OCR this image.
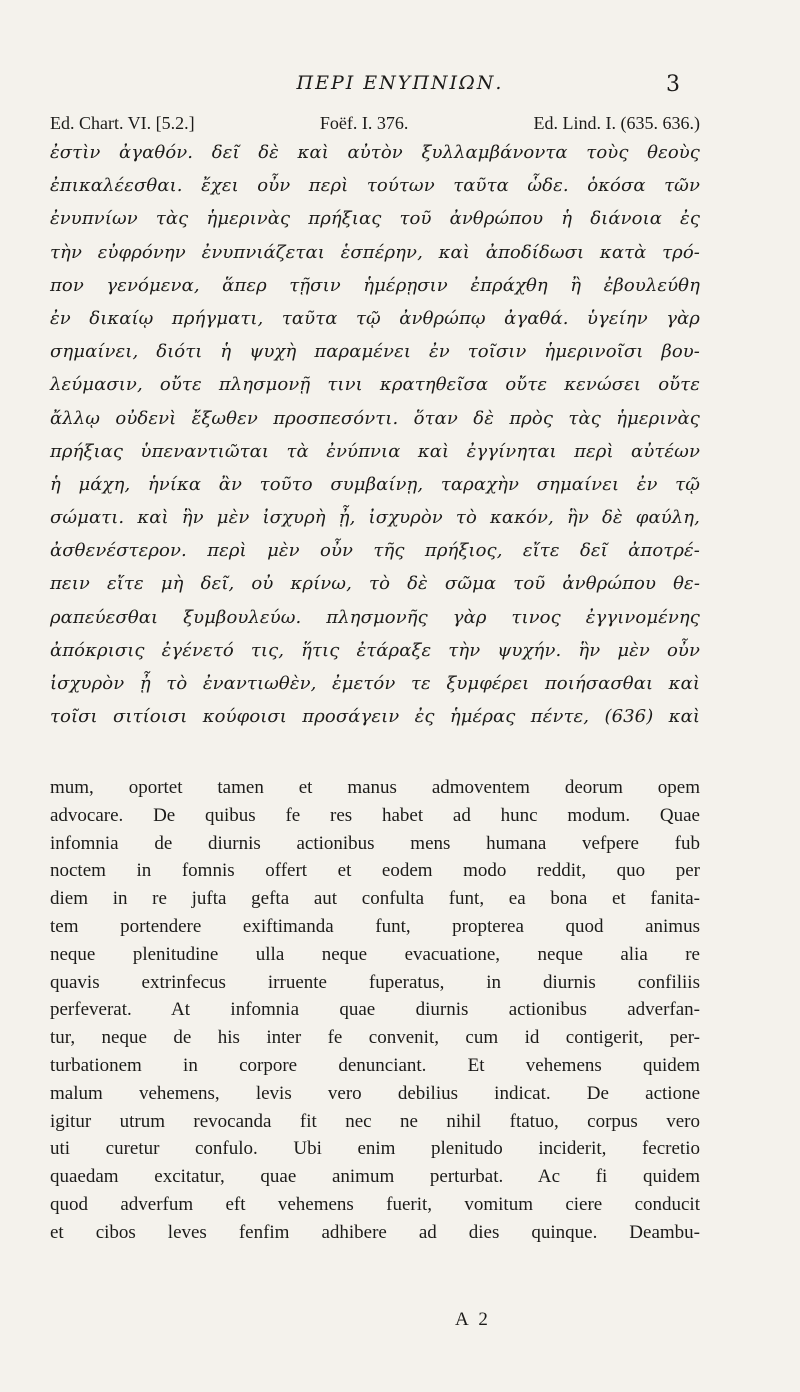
ΠΕΡΙ ΕΝΥΠΝΙΩΝ.	3
Ed. Chart. VI. [5.2.]	Foëf. I. 376.	Ed. Lind. I. (635. 636.)
ἐστὶν ἀγαθόν. δεῖ δὲ καὶ αὐτὸν ξυλλαμβάνοντα τοὺς θεοὺς
ἐπικαλέεσθαι. ἔχει οὖν περὶ τούτων ταῦτα ὧδε. ὁκόσα τῶν
ἐνυπνίων τὰς ἡμερινὰς πρήξιας τοῦ ἀνθρώπου ἡ διάνοια ἐς
τὴν εὐφρόνην ἐνυπνιάζεται ἑσπέρην, καὶ ἀποδίδωσι κατὰ τρό-
πον γενόμενα, ἅπερ τῇσιν ἡμέρῃσιν ἐπράχθη ἢ ἐβουλεύθη
ἐν δικαίῳ πρήγματι, ταῦτα τῷ ἀνθρώπῳ ἀγαθά. ὑγείην γὰρ
σημαίνει, διότι ἡ ψυχὴ παραμένει ἐν τοῖσιν ἡμερινοῖσι βου-
λεύμασιν, οὔτε πλησμονῇ τινι κρατηθεῖσα οὔτε κενώσει οὔτε
ἄλλῳ οὐδενὶ ἔξωθεν προσπεσόντι. ὅταν δὲ πρὸς τὰς ἡμερινὰς
πρήξιας ὑπεναντιῶται τὰ ἐνύπνια καὶ ἐγγίνηται περὶ αὐτέων
ἡ μάχη, ἡνίκα ἂν τοῦτο συμβαίνῃ, ταραχὴν σημαίνει ἐν τῷ
σώματι. καὶ ἣν μὲν ἰσχυρὴ ᾖ, ἰσχυρὸν τὸ κακόν, ἣν δὲ φαύλη,
ἀσθενέστερον. περὶ μὲν οὖν τῆς πρήξιος, εἴτε δεῖ ἀποτρέ-
πειν εἴτε μὴ δεῖ, οὐ κρίνω, τὸ δὲ σῶμα τοῦ ἀνθρώπου θε-
ραπεύεσθαι ξυμβουλεύω. πλησμονῆς γὰρ τινος ἐγγινομένης
ἀπόκρισις ἐγένετό τις, ἥτις ἐτάραξε τὴν ψυχήν. ἣν μὲν οὖν
ἰσχυρὸν ᾖ τὸ ἐναντιωθὲν, ἐμετόν τε ξυμφέρει ποιήσασθαι καὶ
τοῖσι σιτίοισι κούφοισι προσάγειν ἐς ἡμέρας πέντε, (636) καὶ
mum, oportet tamen et manus admoventem deorum opem
advocare. De quibus fe res habet ad hunc modum. Quae
infomnia de diurnis actionibus mens humana vefpere fub
noctem in fomnis offert et eodem modo reddit, quo per
diem in re jufta gefta aut confulta funt, ea bona et fanita-
tem portendere exiftimanda funt, propterea quod animus
neque plenitudine ulla neque evacuatione, neque alia re
quavis extrinfecus irruente fuperatus, in diurnis confiliis
perfeverat. At infomnia quae diurnis actionibus adverfan-
tur, neque de his inter fe convenit, cum id contigerit, per-
turbationem in corpore denunciant. Et vehemens quidem
malum vehemens, levis vero debilius indicat. De actione
igitur utrum revocanda fit nec ne nihil ftatuo, corpus vero
uti curetur confulo. Ubi enim plenitudo inciderit, fecretio
quaedam excitatur, quae animum perturbat. Ac fi quidem
quod adverfum eft vehemens fuerit, vomitum ciere conducit
et cibos leves fenfim adhibere ad dies quinque. Deambu-
A 2
